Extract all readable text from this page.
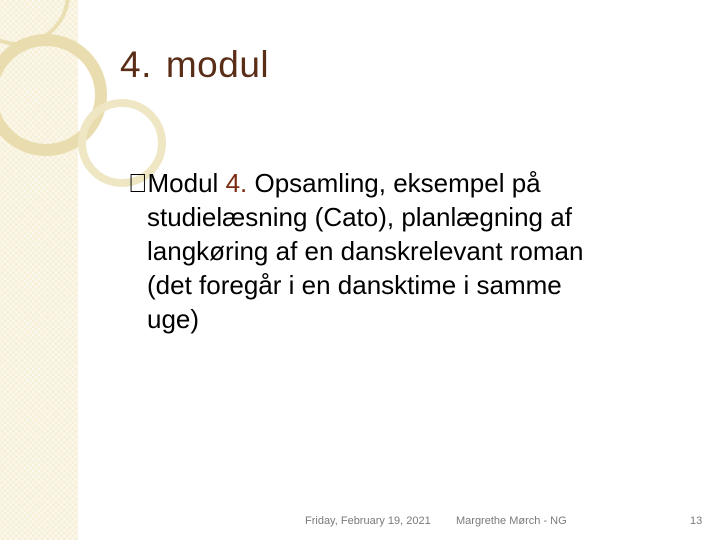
4. modul
Modul 4. Opsamling, eksempel på
studielæsning (Cato), planlægning af
langkøring af en danskrelevant roman
(det foregår i en dansktime i samme
uge)
Friday, February 19, 2021 Margrethe Mørch - NG	13
